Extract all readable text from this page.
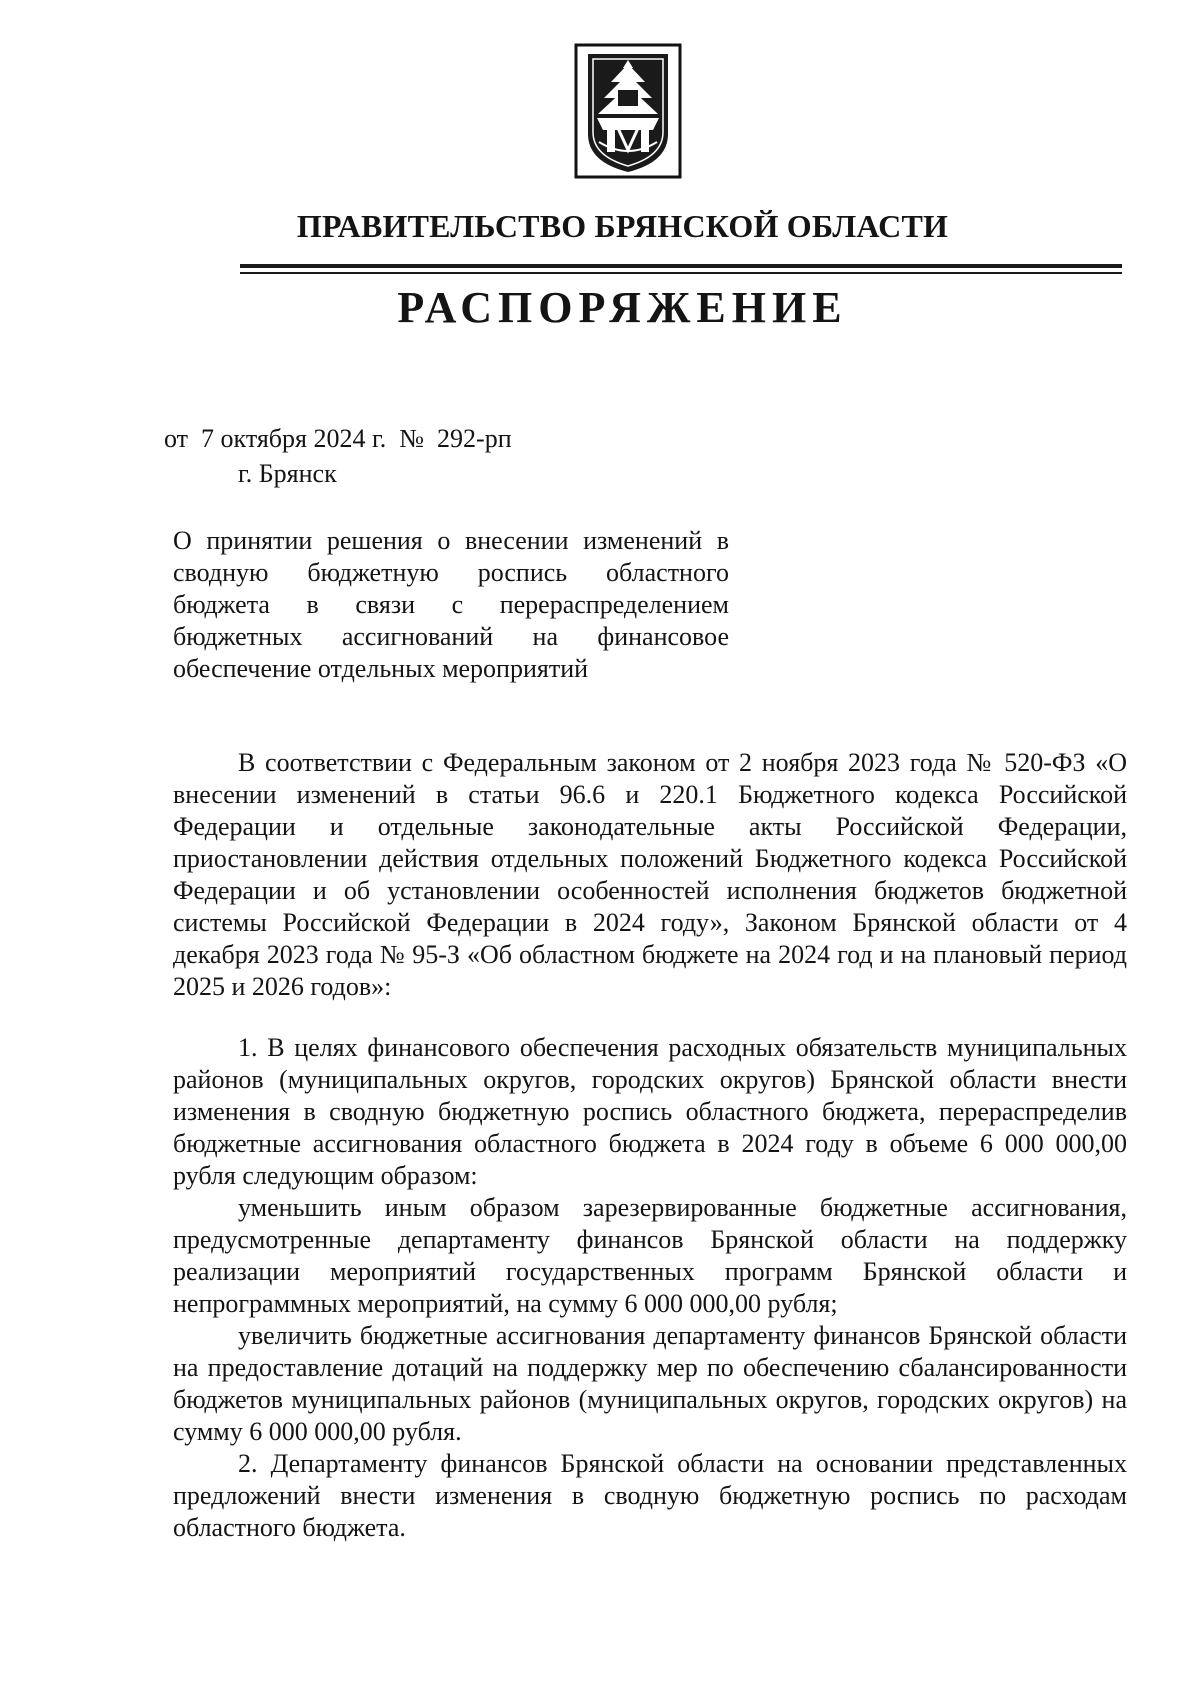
ПРАВИТЕЛЬСТВО БРЯНСКОЙ ОБЛАСТИ
РАСПОРЯЖЕНИЕ
от 7 октября 2024 г. № 292-рп
г. Брянск

О принятии решения о внесении изменений в сводную бюджетную роспись областного бюджета в связи с перераспределением бюджетных ассигнований на финансовое обеспечение отдельных мероприятий

В соответствии с Федеральным законом от 2 ноября 2023 года № 520-ФЗ «О внесении изменений в статьи 96.6 и 220.1 Бюджетного кодекса Российской Федерации и отдельные законодательные акты Российской Федерации, приостановлении действия отдельных положений Бюджетного кодекса Российской Федерации и об установлении особенностей исполнения бюджетов бюджетной системы Российской Федерации в 2024 году», Законом Брянской области от 4 декабря 2023 года № 95-З «Об областном бюджете на 2024 год и на плановый период 2025 и 2026 годов»:

1. В целях финансового обеспечения расходных обязательств муниципальных районов (муниципальных округов, городских округов) Брянской области внести изменения в сводную бюджетную роспись областного бюджета, перераспределив бюджетные ассигнования областного бюджета в 2024 году в объеме 6 000 000,00 рубля следующим образом:

уменьшить иным образом зарезервированные бюджетные ассигнования, предусмотренные департаменту финансов Брянской области на поддержку реализации мероприятий государственных программ Брянской области и непрограммных мероприятий, на сумму 6 000 000,00 рубля;

увеличить бюджетные ассигнования департаменту финансов Брянской области на предоставление дотаций на поддержку мер по обеспечению сбалансированности бюджетов муниципальных районов (муниципальных округов, городских округов) на сумму 6 000 000,00 рубля.

2. Департаменту финансов Брянской области на основании представленных предложений внести изменения в сводную бюджетную роспись по расходам областного бюджета.
